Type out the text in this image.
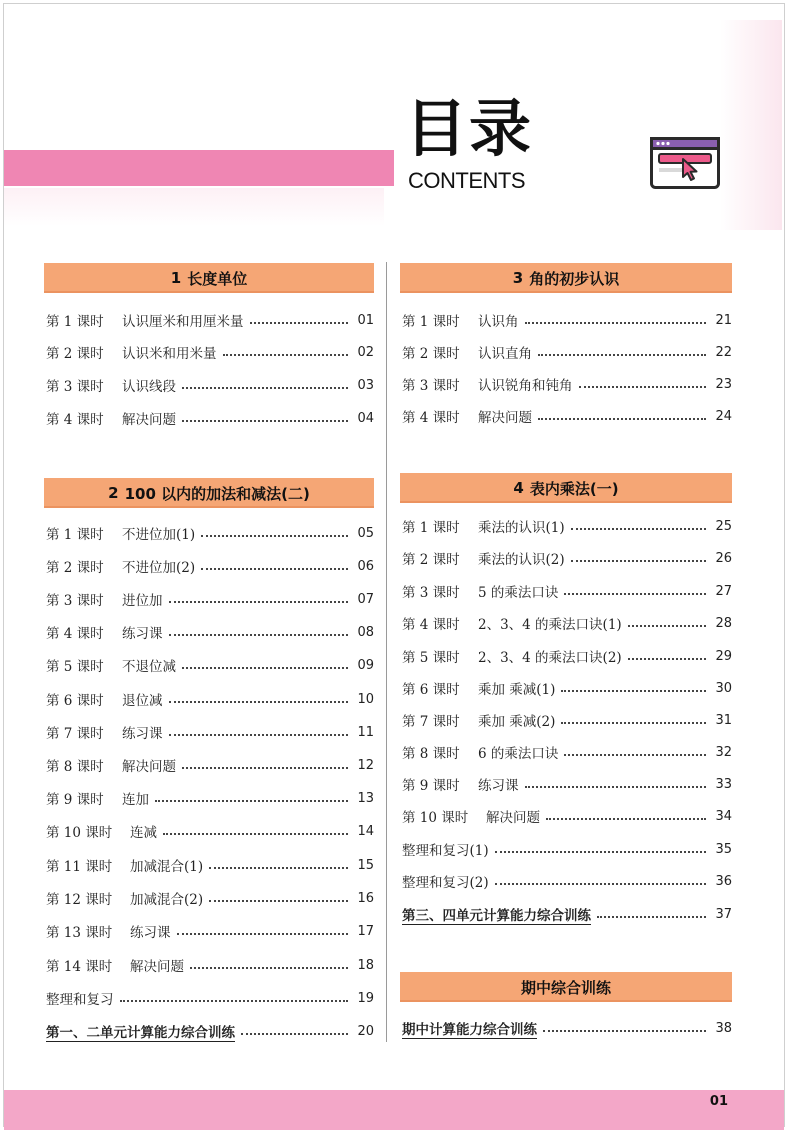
目录
CONTENTS
1 长度单位
第 1 课时	认识厘米和用厘米量	01
第 2 课时	认识米和用米量	02
第 3 课时	认识线段	03
第 4 课时	解决问题	04
2 100 以内的加法和减法(二)
第 1 课时	不进位加(1)	05
第 2 课时	不进位加(2)	06
第 3 课时	进位加	07
第 4 课时	练习课	08
第 5 课时	不退位减	09
第 6 课时	退位减	10
第 7 课时	练习课	11
第 8 课时	解决问题	12
第 9 课时	连加	13
第 10 课时	连减	14
第 11 课时	加减混合(1)	15
第 12 课时	加减混合(2)	16
第 13 课时	练习课	17
第 14 课时	解决问题	18
整理和复习	19
第一、二单元计算能力综合训练	20
3 角的初步认识
第 1 课时	认识角	21
第 2 课时	认识直角	22
第 3 课时	认识锐角和钝角	23
第 4 课时	解决问题	24
4 表内乘法(一)
第 1 课时	乘法的认识(1)	25
第 2 课时	乘法的认识(2)	26
第 3 课时	5 的乘法口诀	27
第 4 课时	2、3、4 的乘法口诀(1)	28
第 5 课时	2、3、4 的乘法口诀(2)	29
第 6 课时	乘加 乘减(1)	30
第 7 课时	乘加 乘减(2)	31
第 8 课时	6 的乘法口诀	32
第 9 课时	练习课	33
第 10 课时	解决问题	34
整理和复习(1)	35
整理和复习(2)	36
第三、四单元计算能力综合训练	37
期中综合训练
期中计算能力综合训练	38
01
